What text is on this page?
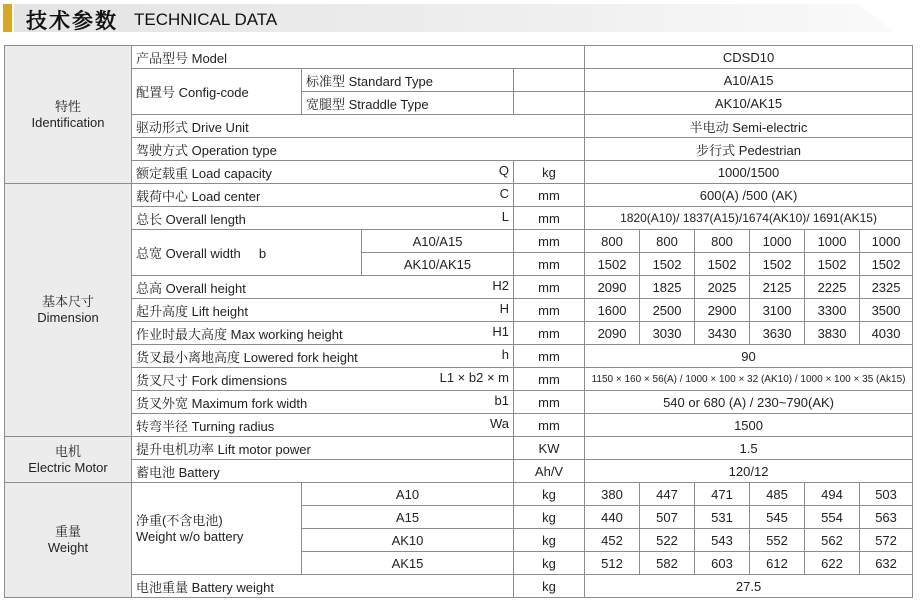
技术参数 TECHNICAL DATA
特性
Identification	产品型号 Model				CDSD10					
	配置号 Config-code	标准型 Standard Type			A10/A15					
		宽腿型 Straddle Type			AK10/AK15					
	驱动形式 Drive Unit				半电动 Semi-electric					
	驾驶方式 Operation type				步行式 Pedestrian					

	额定载重 Load capacity Q			kg	1000/1500					
基本尺寸
Dimension	载荷中心 Load center C			mm	600(A) /500 (AK)					

	总长 Overall length L			mm	1820(A10)/ 1837(A15)/1674(AK10)/ 1691(AK15)					
	总宽 Overall width b		A10/A15	mm	800	800	800	1000	1000	1000
			AK10/AK15	mm	1502	1502	1502	1502	1502	1502

	总高 Overall height H2			mm	2090	1825	2025	2125	2225	2325

	起升高度 Lift height H			mm	1600	2500	2900	3100	3300	3500

	作业时最大高度 Max working height H1			mm	2090	3030	3430	3630	3830	4030

	货叉最小离地高度 Lowered fork height h			mm	90					

	货叉尺寸 Fork dimensions L1 × b2 × m			mm	1150 × 160 × 56(A) / 1000 × 100 × 32 (AK10) / 1000 × 100 × 35 (Ak15)					

	货叉外宽 Maximum fork width b1			mm	540 or 680 (A) / 230~790(AK)					

	转弯半径 Turning radius Wa			mm	1500					
电机
Electric Motor	提升电机功率 Lift motor power			KW	1.5					
	蓄电池 Battery			Ah/V	120/12					
重量
Weight	净重(不含电池)
Weight w/o battery	A10		kg	380	447	471	485	494	503
		A15		kg	440	507	531	545	554	563
		AK10		kg	452	522	543	552	562	572
		AK15		kg	512	582	603	612	622	632
	电池重量 Battery weight			kg	27.5					
